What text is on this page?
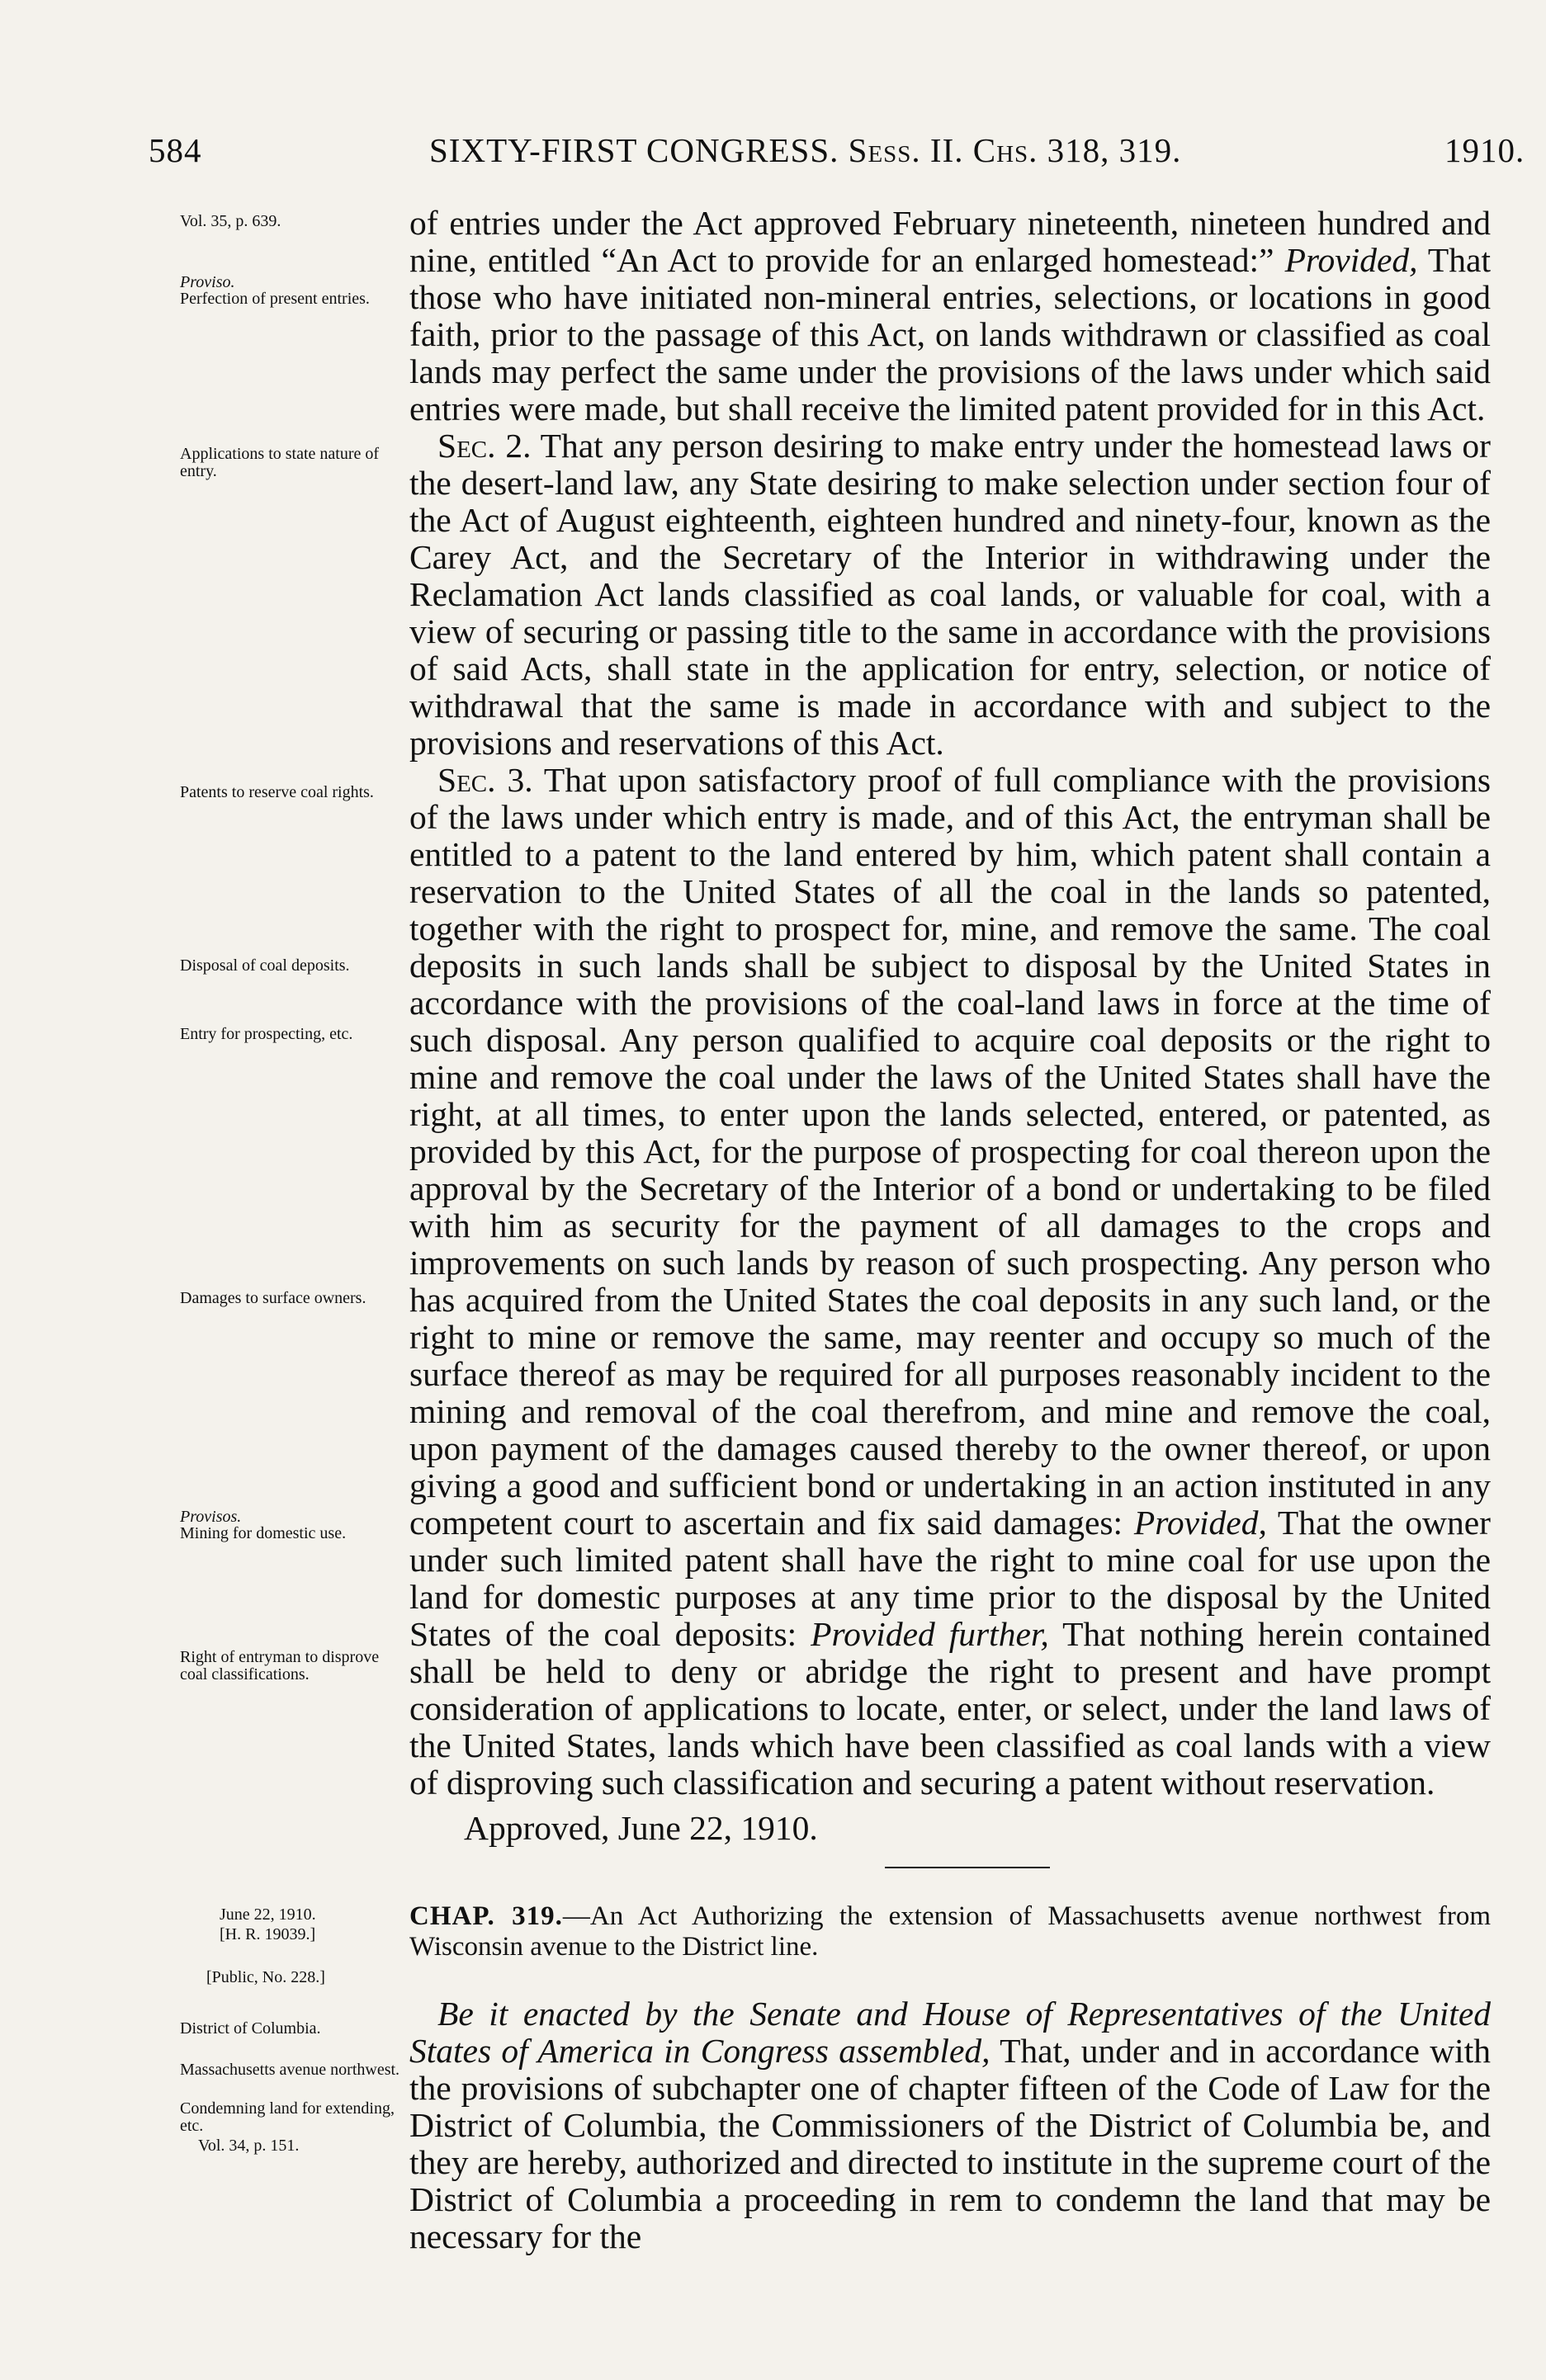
584	SIXTY-FIRST CONGRESS. Sess. II. Chs. 318, 319.	1910.
Vol. 35, p. 639.
Proviso.
Perfection of present entries.
Applications to state nature of entry.
Patents to reserve coal rights.
Disposal of coal deposits.
Entry for prospecting, etc.
Damages to surface owners.
Provisos.
Mining for domestic use.
Right of entryman to disprove coal classifications.
June 22, 1910.
[H. R. 19039.]
[Public, No. 228.]
District of Columbia.
Massachusetts avenue northwest.
Condemning land for extending, etc.
Vol. 34, p. 151.

of entries under the Act approved February nineteenth, nineteen hundred and nine, entitled “An Act to provide for an enlarged homestead:” Provided, That those who have initiated non-mineral entries, selections, or locations in good faith, prior to the passage of this Act, on lands withdrawn or classified as coal lands may perfect the same under the provisions of the laws under which said entries were made, but shall receive the limited patent provided for in this Act.

Sec. 2. That any person desiring to make entry under the homestead laws or the desert-land law, any State desiring to make selection under section four of the Act of August eighteenth, eighteen hundred and ninety-four, known as the Carey Act, and the Secretary of the Interior in withdrawing under the Reclamation Act lands classified as coal lands, or valuable for coal, with a view of securing or passing title to the same in accordance with the provisions of said Acts, shall state in the application for entry, selection, or notice of withdrawal that the same is made in accordance with and subject to the provisions and reservations of this Act.

Sec. 3. That upon satisfactory proof of full compliance with the provisions of the laws under which entry is made, and of this Act, the entryman shall be entitled to a patent to the land entered by him, which patent shall contain a reservation to the United States of all the coal in the lands so patented, together with the right to prospect for, mine, and remove the same. The coal deposits in such lands shall be subject to disposal by the United States in accordance with the provisions of the coal-land laws in force at the time of such disposal. Any person qualified to acquire coal deposits or the right to mine and remove the coal under the laws of the United States shall have the right, at all times, to enter upon the lands selected, entered, or patented, as provided by this Act, for the purpose of prospecting for coal thereon upon the approval by the Secretary of the Interior of a bond or undertaking to be filed with him as security for the payment of all damages to the crops and improvements on such lands by reason of such prospecting. Any person who has acquired from the United States the coal deposits in any such land, or the right to mine or remove the same, may reenter and occupy so much of the surface thereof as may be required for all purposes reasonably incident to the mining and removal of the coal therefrom, and mine and remove the coal, upon payment of the damages caused thereby to the owner thereof, or upon giving a good and sufficient bond or undertaking in an action instituted in any competent court to ascertain and fix said damages: Provided, That the owner under such limited patent shall have the right to mine coal for use upon the land for domestic purposes at any time prior to the disposal by the United States of the coal deposits: Provided further, That nothing herein contained shall be held to deny or abridge the right to present and have prompt consideration of applications to locate, enter, or select, under the land laws of the United States, lands which have been classified as coal lands with a view of disproving such classification and securing a patent without reservation.

Approved, June 22, 1910.
CHAP. 319.—An Act Authorizing the extension of Massachusetts avenue northwest from Wisconsin avenue to the District line.

Be it enacted by the Senate and House of Representatives of the United States of America in Congress assembled, That, under and in accordance with the provisions of subchapter one of chapter fifteen of the Code of Law for the District of Columbia, the Commissioners of the District of Columbia be, and they are hereby, authorized and directed to institute in the supreme court of the District of Columbia a proceeding in rem to condemn the land that may be necessary for the
